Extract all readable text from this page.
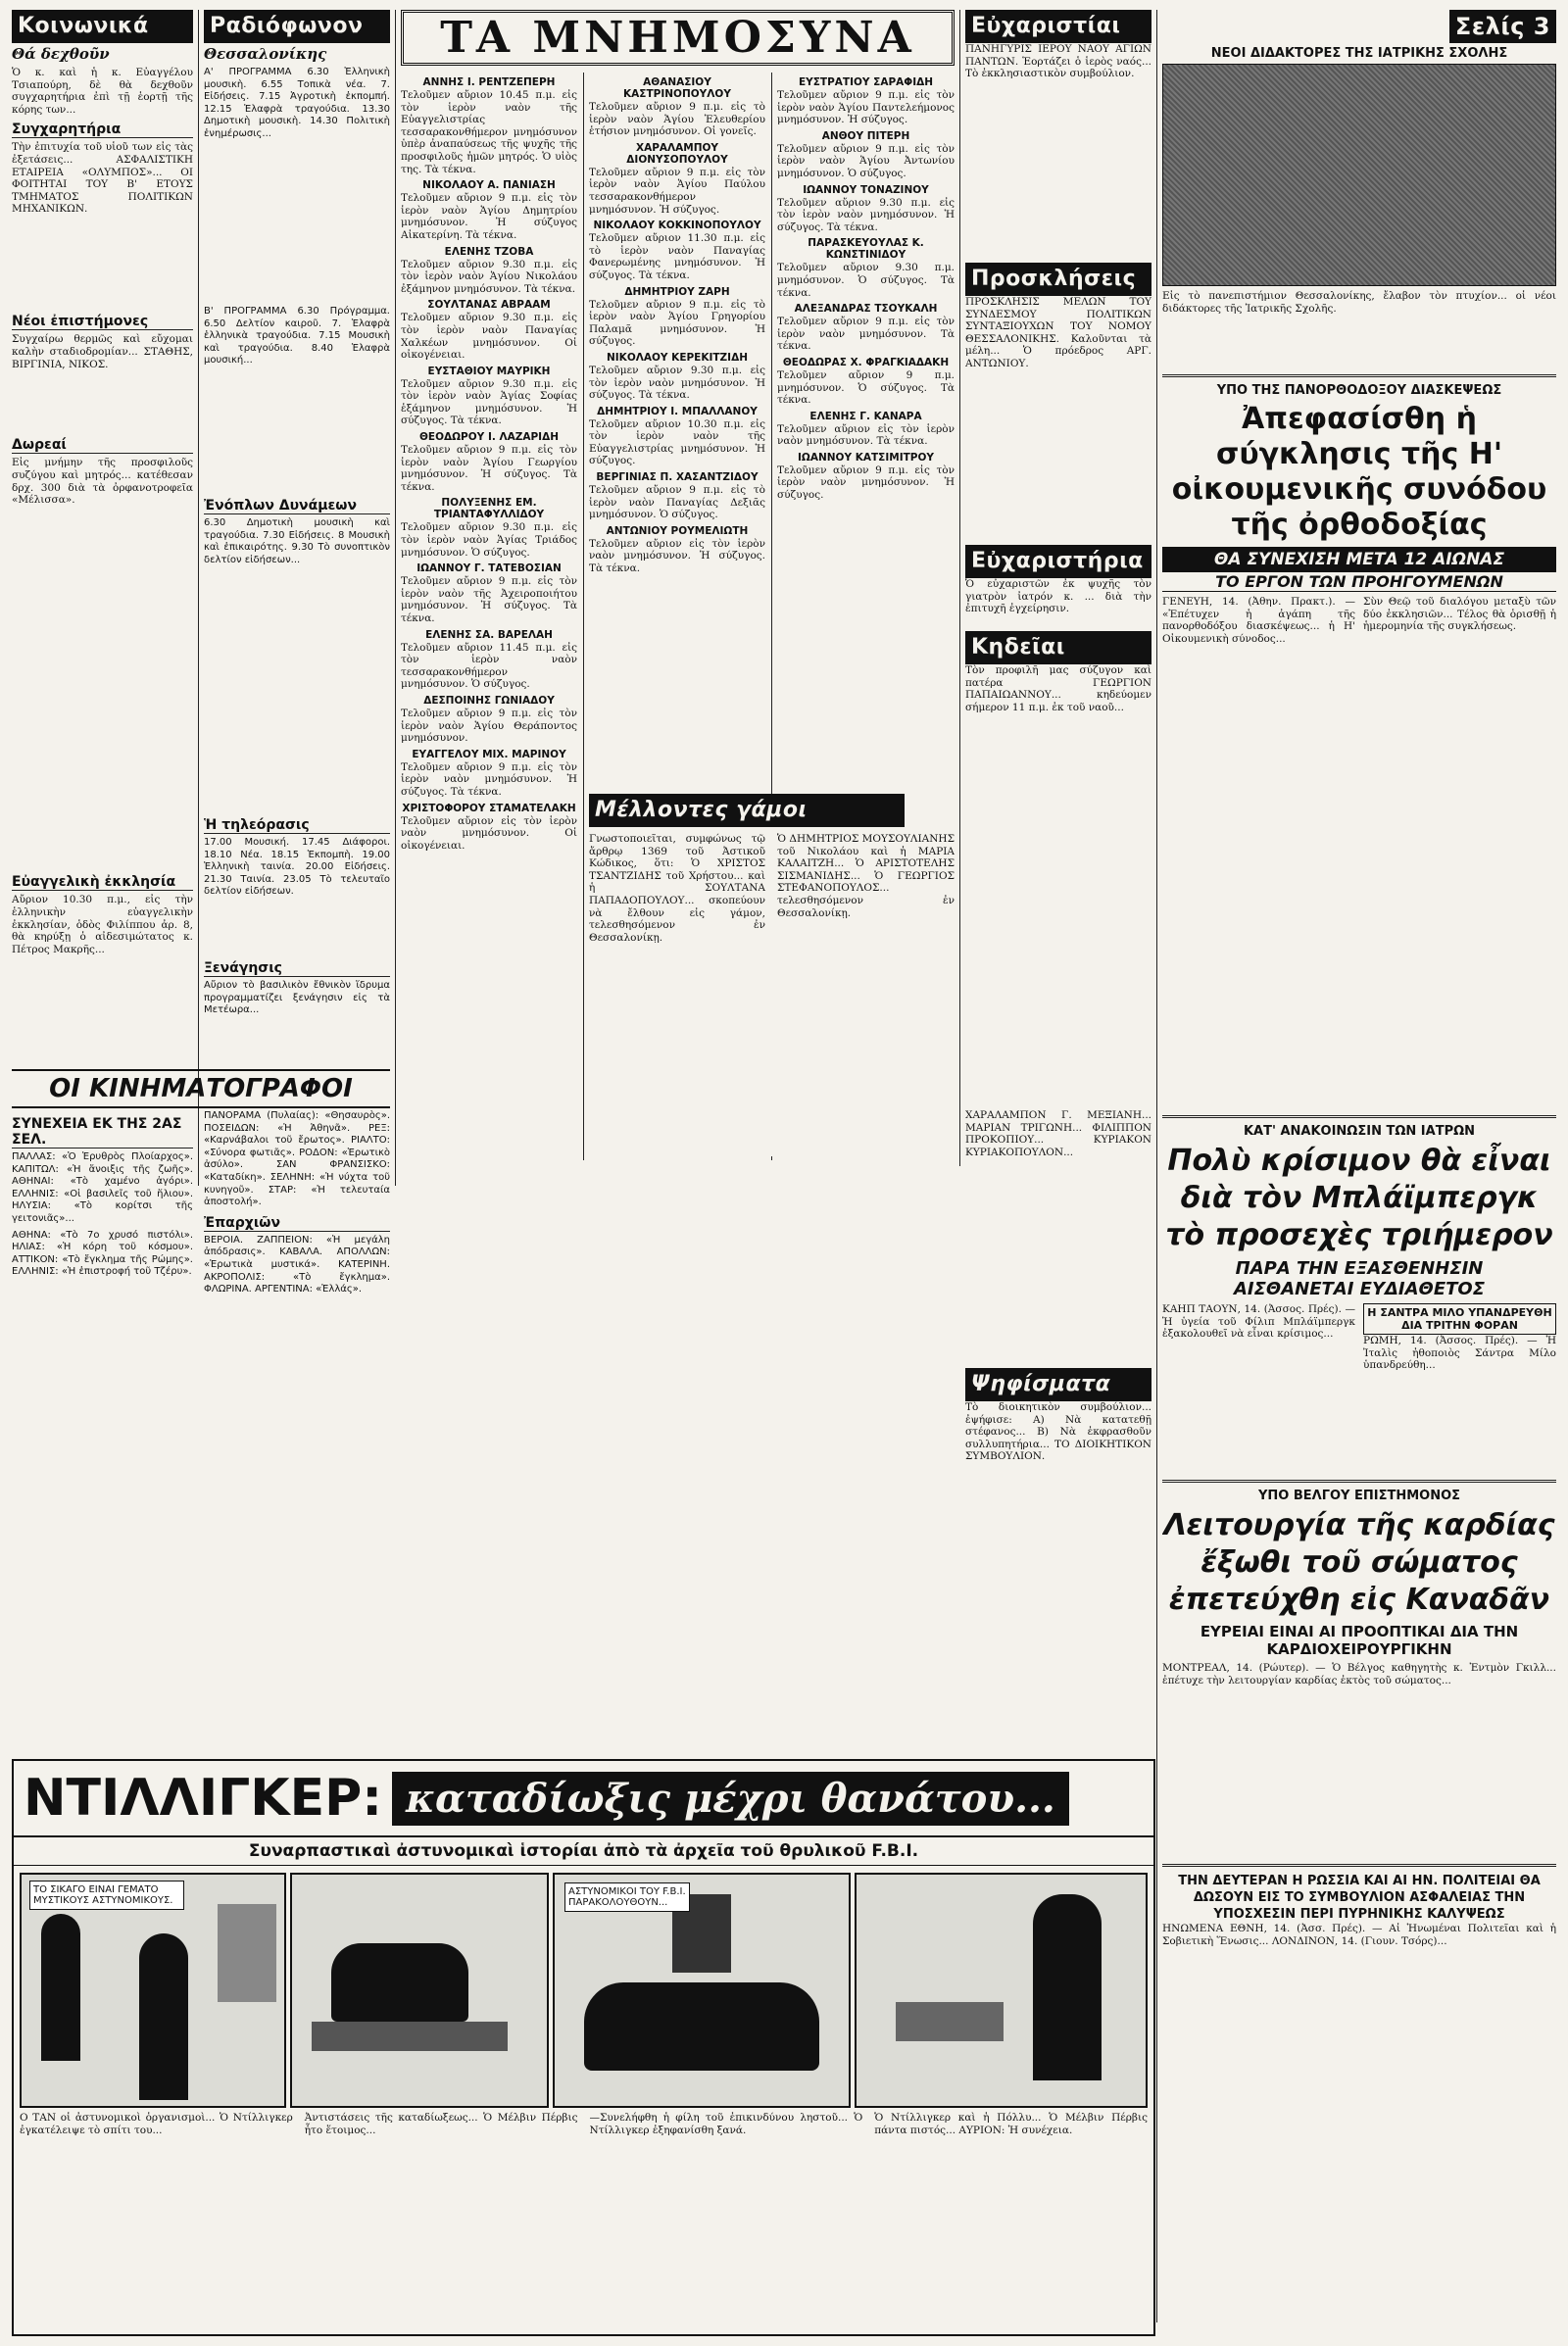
Κοινωνικά
Θά δεχθοῦν

Ὁ κ. καὶ ἡ κ. Εὐαγγέλου Τσιαπούρη, δὲ θὰ δεχθοῦν συγχαρητήρια ἐπὶ τῇ ἑορτῇ τῆς κόρης των...

Συγχαρητήρια

Τὴν ἐπιτυχία τοῦ υἱοῦ των εἰς τὰς ἐξετάσεις... ΑΣΦΑΛΙΣΤΙΚΗ ΕΤΑΙΡΕΙΑ «ΟΛΥΜΠΟΣ»... ΟΙ ΦΟΙΤΗΤΑΙ ΤΟΥ Β' ΕΤΟΥΣ ΤΜΗΜΑΤΟΣ ΠΟΛΙΤΙΚΩΝ ΜΗΧΑΝΙΚΩΝ.

Νέοι ἐπιστήμονες

Συγχαίρω θερμῶς καὶ εὔχομαι καλὴν σταδιοδρομίαν... ΣΤΑΘΗΣ, ΒΙΡΓΙΝΙΑ, ΝΙΚΟΣ.

Δωρεαί

Εἰς μνήμην τῆς προσφιλοῦς συζύγου καὶ μητρός... κατέθεσαν δρχ. 300 διὰ τὰ ὀρφανοτροφεῖα «Μέλισσα».

Εὐαγγελικὴ ἐκκλησία

Αὔριον 10.30 π.μ., εἰς τὴν ἑλληνικὴν εὐαγγελικὴν ἐκκλησίαν, ὁδὸς Φιλίππου ἀρ. 8, θὰ κηρύξῃ ὁ αἰδεσιμώτατος κ. Πέτρος Μακρῆς...

Ραδιόφωνον
Θεσσαλονίκης

Α' ΠΡΟΓΡΑΜΜΑ 6.30 Ἑλληνικὴ μουσικὴ. 6.55 Τοπικὰ νέα. 7. Εἰδήσεις. 7.15 Ἀγροτικὴ ἐκπομπή. 12.15 Ἐλαφρὰ τραγούδια. 13.30 Δημοτικὴ μουσικὴ. 14.30 Πολιτικὴ ἐνημέρωσις...

Β' ΠΡΟΓΡΑΜΜΑ 6.30 Πρόγραμμα. 6.50 Δελτίον καιροῦ. 7. Ἐλαφρὰ ἑλληνικὰ τραγούδια. 7.15 Μουσικὴ καὶ τραγούδια. 8.40 Ἐλαφρὰ μουσική...

Ἐνόπλων Δυνάμεων

6.30 Δημοτικὴ μουσικὴ καὶ τραγούδια. 7.30 Εἰδήσεις. 8 Μουσικὴ καὶ ἐπικαιρότης. 9.30 Τὸ συνοπτικὸν δελτίον εἰδήσεων...

Ἡ τηλεόρασις

17.00 Μουσική. 17.45 Διάφοροι. 18.10 Νέα. 18.15 Ἐκπομπὴ. 19.00 Ἑλληνικὴ ταινία. 20.00 Εἰδήσεις. 21.30 Ταινία. 23.05 Τὸ τελευταῖο δελτίον εἰδήσεων.

Ξενάγησις

Αὔριον τὸ βασιλικὸν ἔθνικὸν ἵδρυμα προγραμματίζει ξενάγησιν εἰς τὰ Μετέωρα...

ΟΙ ΚΙΝΗΜΑΤΟΓΡΑΦΟΙ
ΣΥΝΕΧΕΙΑ ΕΚ ΤΗΣ 2ΑΣ ΣΕΛ.

ΠΑΛΛΑΣ: «Ὁ Ἐρυθρὸς Πλοίαρχος». ΚΑΠΙΤΩΛ: «Ἡ ἄνοιξις τῆς ζωῆς». ΑΘΗΝΑΙ: «Τὸ χαμένο ἀγόρι». ΕΛΛΗΝΙΣ: «Οἱ βασιλεῖς τοῦ ἥλιου». ΗΛΥΣΙΑ: «Τὸ κορίτσι τῆς γειτονιᾶς»...

ΑΘΗΝΑ: «Τὸ 7ο χρυσό πιστόλι». ΗΛΙΑΣ: «Ἡ κόρη τοῦ κόσμου». ΑΤΤΙΚΟΝ: «Τὸ ἔγκλημα τῆς Ρώμης». ΕΛΛΗΝΙΣ: «Ἡ ἐπιστροφή τοῦ Τζέρυ».

ΠΑΝΟΡΑΜΑ (Πυλαίας): «Θησαυρὸς». ΠΟΣΕΙΔΩΝ: «Ἡ Ἀθηνᾶ». ΡΕΞ: «Καρνάβαλοι τοῦ ἔρωτος». ΡΙΑΛΤΟ: «Σύνορα φωτιᾶς». ΡΟΔΟΝ: «Ἐρωτικὸ ἀσύλο». ΣΑΝ ΦΡΑΝΣΙΣΚΟ: «Καταδίκη». ΣΕΛΗΝΗ: «Ἡ νύχτα τοῦ κυνηγοῦ». ΣΤΑΡ: «Ἡ τελευταία ἀποστολή».

Ἐπαρχιῶν

ΒΕΡΟΙΑ. ΖΑΠΠΕΙΟΝ: «Ἡ μεγάλη ἀπόδρασις». ΚΑΒΑΛΑ. ΑΠΟΛΛΩΝ: «Ἐρωτικὰ μυστικά». ΚΑΤΕΡΙΝΗ. ΑΚΡΟΠΟΛΙΣ: «Τὸ ἔγκλημα». ΦΛΩΡΙΝΑ. ΑΡΓΕΝΤΙΝΑ: «Ἑλλάς».

ΤΑ ΜΝΗΜΟΣΥΝΑ
ΑΝΝΗΣ Ι. ΡΕΝΤΖΕΠΕΡΗ

Τελοῦμεν αὔριον 10.45 π.μ. εἰς τὸν ἱερὸν ναὸν τῆς Εὐαγγελιστρίας τεσσαρακονθήμερον μνημόσυνον ὑπὲρ ἀναπαύσεως τῆς ψυχῆς τῆς προσφιλοῦς ἡμῶν μητρός. Ὁ υἱὸς της. Τὰ τέκνα.

ΝΙΚΟΛΑΟΥ Α. ΠΑΝΙΑΣΗ

Τελοῦμεν αὔριον 9 π.μ. εἰς τὸν ἱερὸν ναὸν Ἁγίου Δημητρίου μνημόσυνον. Ἡ σύζυγος Αἰκατερίνη. Τὰ τέκνα.

ΕΛΕΝΗΣ ΤΖΟΒΑ

Τελοῦμεν αὔριον 9.30 π.μ. εἰς τὸν ἱερὸν ναὸν Ἁγίου Νικολάου ἐξάμηνον μνημόσυνον. Τὰ τέκνα.

ΣΟΥΛΤΑΝΑΣ ΑΒΡΑΑΜ

Τελοῦμεν αὔριον 9.30 π.μ. εἰς τὸν ἱερὸν ναὸν Παναγίας Χαλκέων μνημόσυνον. Οἱ οἰκογένειαι.

ΕΥΣΤΑΘΙΟΥ ΜΑΥΡΙΚΗ

Τελοῦμεν αὔριον 9.30 π.μ. εἰς τὸν ἱερὸν ναὸν Ἁγίας Σοφίας ἑξάμηνον μνημόσυνον. Ἡ σύζυγος. Τὰ τέκνα.

ΘΕΟΔΩΡΟΥ Ι. ΛΑΖΑΡΙΔΗ

Τελοῦμεν αὔριον 9 π.μ. εἰς τὸν ἱερὸν ναὸν Ἁγίου Γεωργίου μνημόσυνον. Ἡ σύζυγος. Τὰ τέκνα.

ΠΟΛΥΞΕΝΗΣ ΕΜ. ΤΡΙΑΝΤΑΦΥΛΛΙΔΟΥ

Τελοῦμεν αὔριον 9.30 π.μ. εἰς τὸν ἱερὸν ναὸν Ἁγίας Τριάδος μνημόσυνον. Ὁ σύζυγος.

ΙΩΑΝΝΟΥ Γ. ΤΑΤΕΒΟΣΙΑΝ

Τελοῦμεν αὔριον 9 π.μ. εἰς τὸν ἱερὸν ναὸν τῆς Ἀχειροποιήτου μνημόσυνον. Ἡ σύζυγος. Τὰ τέκνα.

ΕΛΕΝΗΣ ΣΑ. ΒΑΡΕΛΑΗ

Τελοῦμεν αὔριον 11.45 π.μ. εἰς τὸν ἱερὸν ναὸν τεσσαρακονθήμερον μνημόσυνον. Ὁ σύζυγος.

ΔΕΣΠΟΙΝΗΣ ΓΩΝΙΑΔΟΥ

Τελοῦμεν αὔριον 9 π.μ. εἰς τὸν ἱερὸν ναὸν Ἁγίου Θεράποντος μνημόσυνον.

ΕΥΑΓΓΕΛΟΥ ΜΙΧ. ΜΑΡΙΝΟΥ

Τελοῦμεν αὔριον 9 π.μ. εἰς τὸν ἱερὸν ναὸν μνημόσυνον. Ἡ σύζυγος. Τὰ τέκνα.

ΧΡΙΣΤΟΦΟΡΟΥ ΣΤΑΜΑΤΕΛΑΚΗ

Τελοῦμεν αὔριον εἰς τὸν ἱερὸν ναὸν μνημόσυνον. Οἱ οἰκογένειαι.

ΑΘΑΝΑΣΙΟΥ ΚΑΣΤΡΙΝΟΠΟΥΛΟΥ

Τελοῦμεν αὔριον 9 π.μ. εἰς τὸ ἱερὸν ναὸν Ἁγίου Ἐλευθερίου ἑτήσιον μνημόσυνον. Οἱ γονεῖς.

ΧΑΡΑΛΑΜΠΟΥ ΔΙΟΝΥΣΟΠΟΥΛΟΥ

Τελοῦμεν αὔριον 9 π.μ. εἰς τὸν ἱερὸν ναὸν Ἁγίου Παύλου τεσσαρακονθήμερον μνημόσυνον. Ἡ σύζυγος.

ΝΙΚΟΛΑΟΥ ΚΟΚΚΙΝΟΠΟΥΛΟΥ

Τελοῦμεν αὔριον 11.30 π.μ. εἰς τὸ ἱερὸν ναὸν Παναγίας Φανερωμένης μνημόσυνον. Ἡ σύζυγος. Τὰ τέκνα.

ΔΗΜΗΤΡΙΟΥ ΖΑΡΗ

Τελοῦμεν αὔριον 9 π.μ. εἰς τὸ ἱερὸν ναὸν Ἁγίου Γρηγορίου Παλαμᾶ μνημόσυνον. Ἡ σύζυγος.

ΝΙΚΟΛΑΟΥ ΚΕΡΕΚΙΤΖΙΔΗ

Τελοῦμεν αὔριον 9.30 π.μ. εἰς τὸν ἱερὸν ναὸν μνημόσυνον. Ἡ σύζυγος. Τὰ τέκνα.

ΔΗΜΗΤΡΙΟΥ Ι. ΜΠΑΛΛΑΝΟΥ

Τελοῦμεν αὔριον 10.30 π.μ. εἰς τὸν ἱερὸν ναὸν τῆς Εὐαγγελιστρίας μνημόσυνον. Ἡ σύζυγος.

ΒΕΡΓΙΝΙΑΣ Π. ΧΑΣΑΝΤΖΙΔΟΥ

Τελοῦμεν αὔριον 9 π.μ. εἰς τὸ ἱερὸν ναὸν Παναγίας Δεξιᾶς μνημόσυνον. Ὁ σύζυγος.

ΑΝΤΩΝΙΟΥ ΡΟΥΜΕΛΙΩΤΗ

Τελοῦμεν αὔριον εἰς τὸν ἱερὸν ναὸν μνημόσυνον. Ἡ σύζυγος. Τὰ τέκνα.

ΕΥΣΤΡΑΤΙΟΥ ΣΑΡΑΦΙΔΗ

Τελοῦμεν αὔριον 9 π.μ. εἰς τὸν ἱερὸν ναὸν Ἁγίου Παντελεήμονος μνημόσυνον. Ἡ σύζυγος.

ΑΝΘΟΥ ΠΙΤΕΡΗ

Τελοῦμεν αὔριον 9 π.μ. εἰς τὸν ἱερὸν ναὸν Ἁγίου Ἀντωνίου μνημόσυνον. Ὁ σύζυγος.

ΙΩΑΝΝΟΥ ΤΟΝΑΖΙΝΟΥ

Τελοῦμεν αὔριον 9.30 π.μ. εἰς τὸν ἱερὸν ναὸν μνημόσυνον. Ἡ σύζυγος. Τὰ τέκνα.

ΠΑΡΑΣΚΕΥΟΥΛΑΣ Κ. ΚΩΝΣΤΙΝΙΔΟΥ

Τελοῦμεν αὔριον 9.30 π.μ. μνημόσυνον. Ὁ σύζυγος. Τὰ τέκνα.

ΑΛΕΞΑΝΔΡΑΣ ΤΣΟΥΚΑΛΗ

Τελοῦμεν αὔριον 9 π.μ. εἰς τὸν ἱερὸν ναὸν μνημόσυνον. Τὰ τέκνα.

ΘΕΟΔΩΡΑΣ Χ. ΦΡΑΓΚΙΑΔΑΚΗ

Τελοῦμεν αὔριον 9 π.μ. μνημόσυνον. Ὁ σύζυγος. Τὰ τέκνα.

ΕΛΕΝΗΣ Γ. ΚΑΝΑΡΑ

Τελοῦμεν αὔριον εἰς τὸν ἱερὸν ναὸν μνημόσυνον. Τὰ τέκνα.

ΙΩΑΝΝΟΥ ΚΑΤΣΙΜΙΤΡΟΥ

Τελοῦμεν αὔριον 9 π.μ. εἰς τὸν ἱερὸν ναὸν μνημόσυνον. Ἡ σύζυγος.

Μέλλοντες γάμοι

Γνωστοποιεῖται, συμφώνως τῷ ἄρθρῳ 1369 τοῦ Ἀστικοῦ Κώδικος, ὅτι: Ὁ ΧΡΙΣΤΟΣ ΤΣΑΝΤΖΙΔΗΣ τοῦ Χρήστου... καὶ ἡ ΣΟΥΛΤΑΝΑ ΠΑΠΑΔΟΠΟΥΛΟΥ... σκοπεύουν νὰ ἔλθουν εἰς γάμον, τελεσθησόμενον ἐν Θεσσαλονίκῃ.

Ὁ ΔΗΜΗΤΡΙΟΣ ΜΟΥΣΟΥΛΙΑΝΗΣ τοῦ Νικολάου καὶ ἡ ΜΑΡΙΑ ΚΑΛΑΙΤΖΗ... Ὁ ΑΡΙΣΤΟΤΕΛΗΣ ΣΙΣΜΑΝΙΔΗΣ... Ὁ ΓΕΩΡΓΙΟΣ ΣΤΕΦΑΝΟΠΟΥΛΟΣ... τελεσθησόμενον ἐν Θεσσαλονίκῃ.

Εὐχαριστίαι

ΠΑΝΗΓΥΡΙΣ ΙΕΡΟΥ ΝΑΟΥ ΑΓΙΩΝ ΠΑΝΤΩΝ. Ἑορτάζει ὁ ἱερὸς ναός... Τὸ ἐκκλησιαστικὸν συμβούλιον.

Προσκλήσεις

ΠΡΟΣΚΛΗΣΙΣ ΜΕΛΩΝ ΤΟΥ ΣΥΝΔΕΣΜΟΥ ΠΟΛΙΤΙΚΩΝ ΣΥΝΤΑΞΙΟΥΧΩΝ ΤΟΥ ΝΟΜΟΥ ΘΕΣΣΑΛΟΝΙΚΗΣ. Καλοῦνται τὰ μέλη... Ὁ πρόεδρος ΑΡΓ. ΑΝΤΩΝΙΟΥ.

Εὐχαριστήρια

Ὁ εὐχαριστῶν ἐκ ψυχῆς τὸν γιατρὸν ἰατρόν κ. ... διὰ τὴν ἐπιτυχῆ ἐγχείρησιν.

Κηδεῖαι

Τὸν προφιλῆ μας σύζυγον καὶ πατέρα ΓΕΩΡΓΙΟΝ ΠΑΠΑΙΩΑΝΝΟΥ... κηδεύομεν σήμερον 11 π.μ. ἐκ τοῦ ναοῦ...

ΧΑΡΑΛΑΜΠΟΝ Γ. ΜΕΞΙΑΝΗ... ΜΑΡΙΑΝ ΤΡΙΓΩΝΗ... ΦΙΛΙΠΠΟΝ ΠΡΟΚΟΠΙΟΥ... ΚΥΡΙΑΚΟΝ ΚΥΡΙΑΚΟΠΟΥΛΟΝ...

Ψηφίσματα

Τὸ διοικητικὸν συμβούλιον... ἐψήφισε: Α) Νὰ κατατεθῇ στέφανος... Β) Νὰ ἐκφρασθοῦν συλλυπητήρια... ΤΟ ΔΙΟΙΚΗΤΙΚΟΝ ΣΥΜΒΟΥΛΙΟΝ.

Σελίς 3
ΝΕΟΙ ΔΙΔΑΚΤΟΡΕΣ ΤΗΣ ΙΑΤΡΙΚΗΣ ΣΧΟΛΗΣ

Εἰς τὸ πανεπιστήμιον Θεσσαλονίκης, ἔλαβον τὸν πτυχίον... οἱ νέοι διδάκτορες τῆς Ἰατρικῆς Σχολῆς.

ΥΠΟ ΤΗΣ ΠΑΝΟΡΘΟΔΟΞΟΥ ΔΙΑΣΚΕΨΕΩΣ
Ἀπεφασίσθη ἡ σύγκλησις τῆς Η' οἰκουμενικῆς συνόδου τῆς ὀρθοδοξίας
ΘΑ ΣΥΝΕΧΙΣΗ ΜΕΤΑ 12 ΑΙΩΝΑΣ
ΤΟ ΕΡΓΟΝ ΤΩΝ ΠΡΟΗΓΟΥΜΕΝΩΝ

ΓΕΝΕΥΗ, 14. (Ἀθην. Πρακτ.). — «Ἐπέτυχεν ἡ ἀγάπη τῆς πανορθοδόξου διασκέψεως... ἡ Η' Οἰκουμενικὴ σύνοδος...

Σὺν Θεῷ τοῦ διαλόγου μεταξὺ τῶν δύο ἐκκλησιῶν... Τέλος θὰ ὁρισθῇ ἡ ἡμερομηνία τῆς συγκλήσεως.

ΚΑΤ' ΑΝΑΚΟΙΝΩΣΙΝ ΤΩΝ ΙΑΤΡΩΝ
Πολὺ κρίσιμον θὰ εἶναι διὰ τὸν Μπλάϊμπεργκ τὸ προσεχὲς τριήμερον
ΠΑΡΑ ΤΗΝ ΕΞΑΣΘΕΝΗΣΙΝ
ΑΙΣΘΑΝΕΤΑΙ ΕΥΔΙΑΘΕΤΟΣ

ΚΑΗΠ ΤΑΟΥΝ, 14. (Ἀσσος. Πρές). — Ἡ ὑγεία τοῦ Φίλιπ Μπλάϊμπεργκ ἐξακολουθεῖ νὰ εἶναι κρίσιμος...

Η ΣΑΝΤΡΑ ΜΙΛΟ ΥΠΑΝΔΡΕΥΘΗ ΔΙΑ ΤΡΙΤΗΝ ΦΟΡΑΝ

ΡΩΜΗ, 14. (Ἀσσος. Πρές). — Ἡ Ἰταλὶς ἠθοποιὸς Σάντρα Μίλο ὑπανδρεύθη...

ΥΠΟ ΒΕΛΓΟΥ ΕΠΙΣΤΗΜΟΝΟΣ
Λειτουργία τῆς καρδίας ἔξωθι τοῦ σώματος ἐπετεύχθη εἰς Καναδᾶν
ΕΥΡΕΙΑΙ ΕΙΝΑΙ ΑΙ ΠΡΟΟΠΤΙΚΑΙ ΔΙΑ ΤΗΝ ΚΑΡΔΙΟΧΕΙΡΟΥΡΓΙΚΗΝ

ΜΟΝΤΡΕΑΛ, 14. (Ρώυτερ). — Ὁ Βέλγος καθηγητὴς κ. Ἐντμὸν Γκιλλ... ἐπέτυχε τὴν λειτουργίαν καρδίας ἐκτὸς τοῦ σώματος...

ΤΗΝ ΔΕΥΤΕΡΑΝ Η ΡΩΣΣΙΑ ΚΑΙ ΑΙ ΗΝ. ΠΟΛΙΤΕΙΑΙ ΘΑ ΔΩΣΟΥΝ ΕΙΣ ΤΟ ΣΥΜΒΟΥΛΙΟΝ ΑΣΦΑΛΕΙΑΣ ΤΗΝ ΥΠΟΣΧΕΣΙΝ ΠΕΡΙ ΠΥΡΗΝΙΚΗΣ ΚΑΛΥΨΕΩΣ

ΗΝΩΜΕΝΑ ΕΘΝΗ, 14. (Ἀσσ. Πρές). — Αἱ Ἡνωμέναι Πολιτεῖαι καὶ ἡ Σοβιετικὴ Ἕνωσις... ΛΟΝΔΙΝΟΝ, 14. (Γιουν. Τσόρς)...

ΝΤΙΛΛΙΓΚΕΡ: καταδίωξις μέχρι θανάτου...
Συναρπαστικαὶ ἀστυνομικαὶ ἱστορίαι ἀπὸ τὰ ἀρχεῖα τοῦ θρυλικοῦ F.B.I.
ΤΟ ΣΙΚΑΓΟ ΕΙΝΑΙ ΓΕΜΑΤΟ ΜΥΣΤΙΚΟΥΣ ΑΣΤΥΝΟΜΙΚΟΥΣ.
ΑΣΤΥΝΟΜΙΚΟΙ ΤΟΥ F.B.I. ΠΑΡΑΚΟΛΟΥΘΟΥΝ...

Ο ΤΑΝ οἱ ἀστυνομικοὶ ὁργανισμοὶ... Ὁ Ντίλλιγκερ ἐγκατέλειψε τὸ σπίτι του...

Ἀντιστάσεις τῆς καταδίωξεως... Ὁ Μέλβιν Πέρβις ἦτο ἕτοιμος...

—Συνελήφθη ἡ φίλη τοῦ ἐπικινδύνου ληστοῦ... Ὁ Ντίλλιγκερ ἐξηφανίσθη ξανά.

Ὁ Ντίλλιγκερ καὶ ἡ Πόλλυ... Ὁ Μέλβιν Πέρβις πάντα πιστός... ΑΥΡΙΟΝ: Ἡ συνέχεια.
